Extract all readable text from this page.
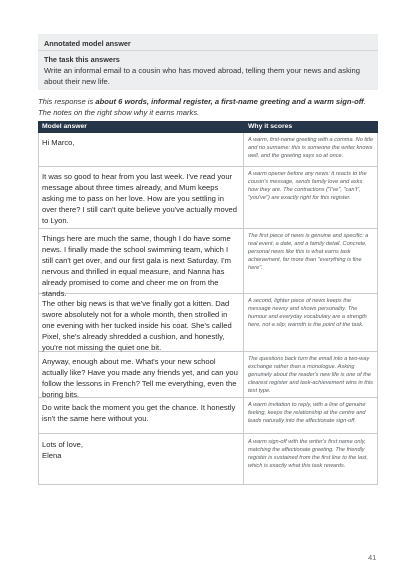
Annotated model answer
The task this answers
Write an informal email to a cousin who has moved abroad, telling them your news and asking about their new life.
This response is about 6 words, informal register, a first-name greeting and a warm sign-off.
The notes on the right show why it earns marks.
Model answer	Why it scores
Hi Marco,	A warm, first-name greeting with a comma. No title and no surname: this is someone the writer knows well, and the greeting says so at once.
It was so good to hear from you last week. I've read your message about three times already, and Mum keeps asking me to pass on her love. How are you settling in over there? I still can't quite believe you've actually moved to Lyon.
A warm opener before any news: it reacts to the cousin's message, sends family love and asks how they are. The contractions ("I've", "can't", "you've") are exactly right for this register.
Things here are much the same, though I do have some news. I finally made the school swimming team, which I still can't get over, and our first gala is next Saturday. I'm nervous and thrilled in equal measure, and Nanna has already promised to come and cheer me on from the stands.
The first piece of news is genuine and specific: a real event, a date, and a family detail. Concrete, personal news like this is what earns task achievement, far more than "everything is fine here".
The other big news is that we've finally got a kitten. Dad swore absolutely not for a whole month, then strolled in one evening with her tucked inside his coat. She's called Pixel, she's already shredded a cushion, and honestly, you're not missing the quiet one bit.
A second, lighter piece of news keeps the message newsy and shows personality. The humour and everyday vocabulary are a strength here, not a slip; warmth is the point of the task.
Anyway, enough about me. What's your new school actually like? Have you made any friends yet, and can you follow the lessons in French? Tell me everything, even the boring bits.
The questions back turn the email into a two-way exchange rather than a monologue. Asking genuinely about the reader's new life is one of the clearest register and task-achievement wins in this text type.
Do write back the moment you get the chance. It honestly isn't the same here without you.
A warm invitation to reply, with a line of genuine feeling, keeps the relationship at the centre and leads naturally into the affectionate sign-off.
Lots of love,
Elena
A warm sign-off with the writer's first name only, matching the affectionate greeting. The friendly register is sustained from the first line to the last, which is exactly what this task rewards.
41
